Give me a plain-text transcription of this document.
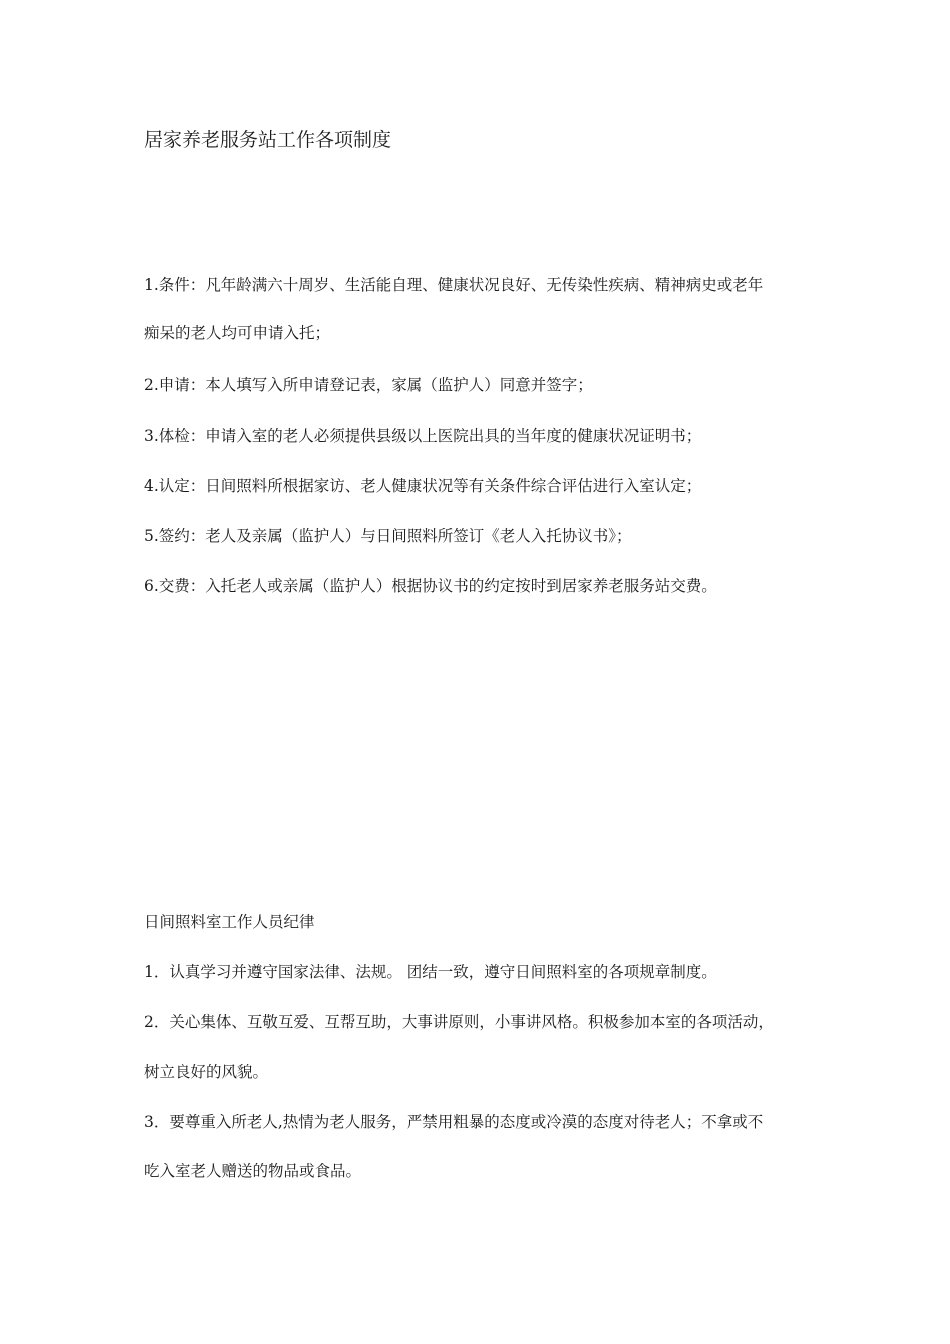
居家养老服务站工作各项制度
1.条件：凡年龄满六十周岁、生活能自理、健康状况良好、无传染性疾病、精神病史或老年
痴呆的老人均可申请入托；
2.申请：本人填写入所申请登记表，家属（监护人）同意并签字；
3.体检：申请入室的老人必须提供县级以上医院出具的当年度的健康状况证明书；
4.认定：日间照料所根据家访、老人健康状况等有关条件综合评估进行入室认定；
5.签约：老人及亲属（监护人）与日间照料所签订《老人入托协议书》；
6.交费：入托老人或亲属（监护人）根据协议书的约定按时到居家养老服务站交费。
日间照料室工作人员纪律
1．认真学习并遵守国家法律、法规。 团结一致，遵守日间照料室的各项规章制度。
2．关心集体、互敬互爱、互帮互助，大事讲原则，小事讲风格。积极参加本室的各项活动，
树立良好的风貌。
3．要尊重入所老人,热情为老人服务，严禁用粗暴的态度或冷漠的态度对待老人；不拿或不
吃入室老人赠送的物品或食品。
